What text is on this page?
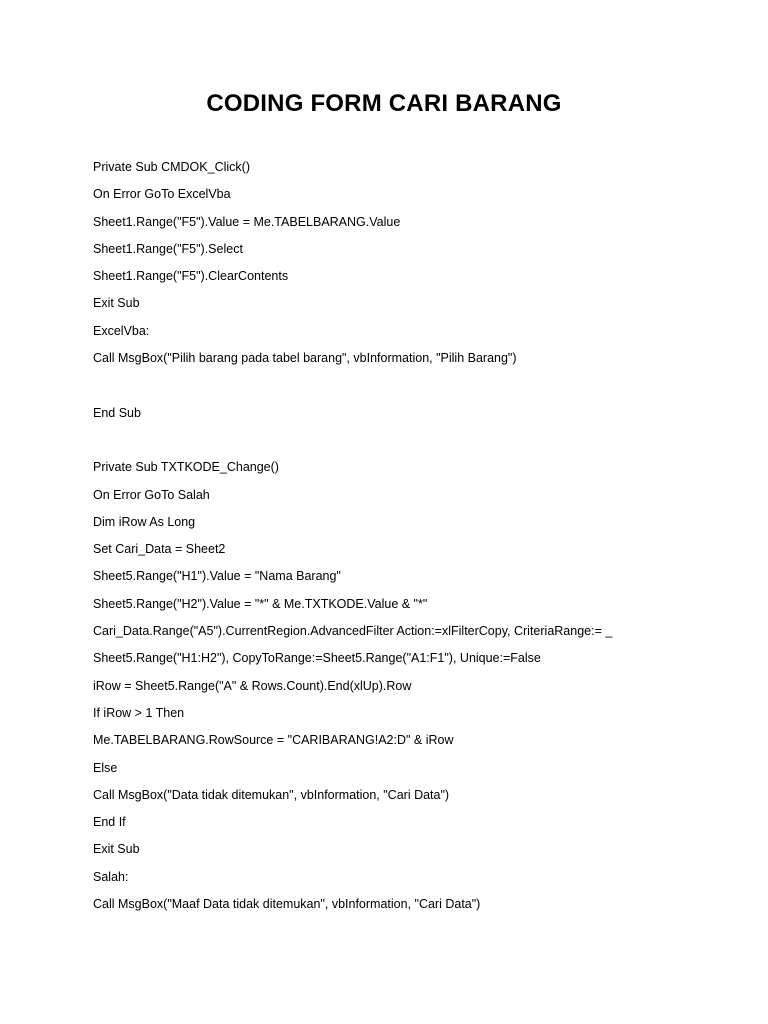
CODING FORM CARI BARANG
Private Sub CMDOK_Click()
On Error GoTo ExcelVba
Sheet1.Range("F5").Value = Me.TABELBARANG.Value
Sheet1.Range("F5").Select
Sheet1.Range("F5").ClearContents
Exit Sub
ExcelVba:
Call MsgBox("Pilih barang pada tabel barang", vbInformation, "Pilih Barang")
End Sub
Private Sub TXTKODE_Change()
On Error GoTo Salah
Dim iRow As Long
Set Cari_Data = Sheet2
Sheet5.Range("H1").Value = "Nama Barang"
Sheet5.Range("H2").Value = "*" & Me.TXTKODE.Value & "*"
Cari_Data.Range("A5").CurrentRegion.AdvancedFilter Action:=xlFilterCopy, CriteriaRange:= _
Sheet5.Range("H1:H2"), CopyToRange:=Sheet5.Range("A1:F1"), Unique:=False
iRow = Sheet5.Range("A" & Rows.Count).End(xlUp).Row
If iRow > 1 Then
Me.TABELBARANG.RowSource = "CARIBARANG!A2:D" & iRow
Else
Call MsgBox("Data tidak ditemukan", vbInformation, "Cari Data")
End If
Exit Sub
Salah:
Call MsgBox("Maaf Data tidak ditemukan", vbInformation, "Cari Data")
